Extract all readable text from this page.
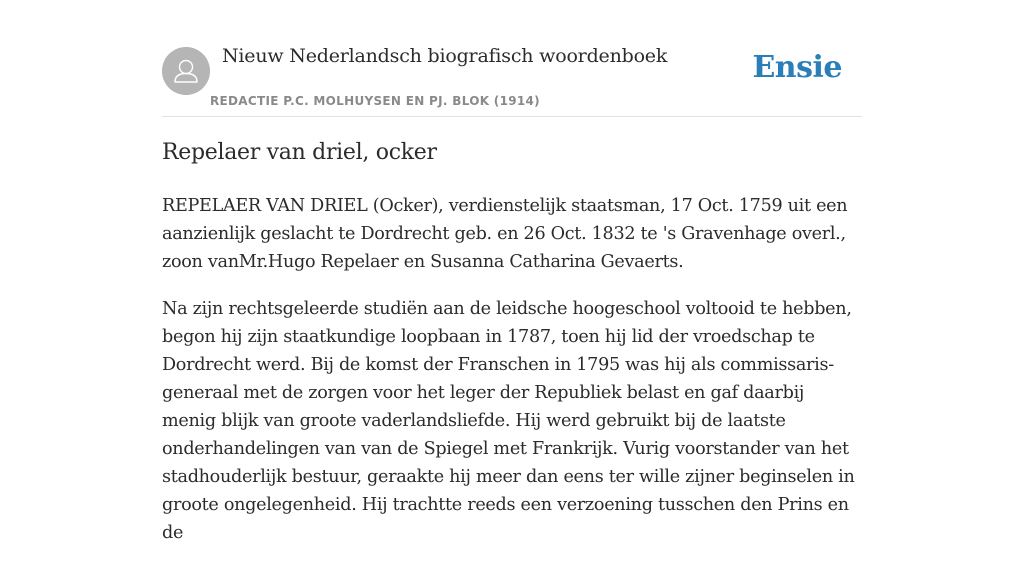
Nieuw Nederlandsch biografisch woordenboek
REDACTIE P.C. MOLHUYSEN EN PJ. BLOK (1914)
Ensie
Repelaer van driel, ocker

REPELAER VAN DRIEL (Ocker), verdienstelijk staatsman, 17 Oct. 1759 uit een aanzienlijk geslacht te Dordrecht geb. en 26 Oct. 1832 te 's Gravenhage overl., zoon vanMr.Hugo Repelaer en Susanna Catharina Gevaerts.

Na zijn rechtsgeleerde studiën aan de leidsche hoogeschool voltooid te hebben, begon hij zijn staatkundige loopbaan in 1787, toen hij lid der vroedschap te Dordrecht werd. Bij de komst der Franschen in 1795 was hij als commissaris-generaal met de zorgen voor het leger der Republiek belast en gaf daarbij menig blijk van groote vaderlandsliefde. Hij werd gebruikt bij de laatste onderhandelingen van van de Spiegel met Frankrijk. Vurig voorstander van het stadhouderlijk bestuur, geraakte hij meer dan eens ter wille zijner beginselen in groote ongelegenheid. Hij trachtte reeds een verzoening tusschen den Prins en de
